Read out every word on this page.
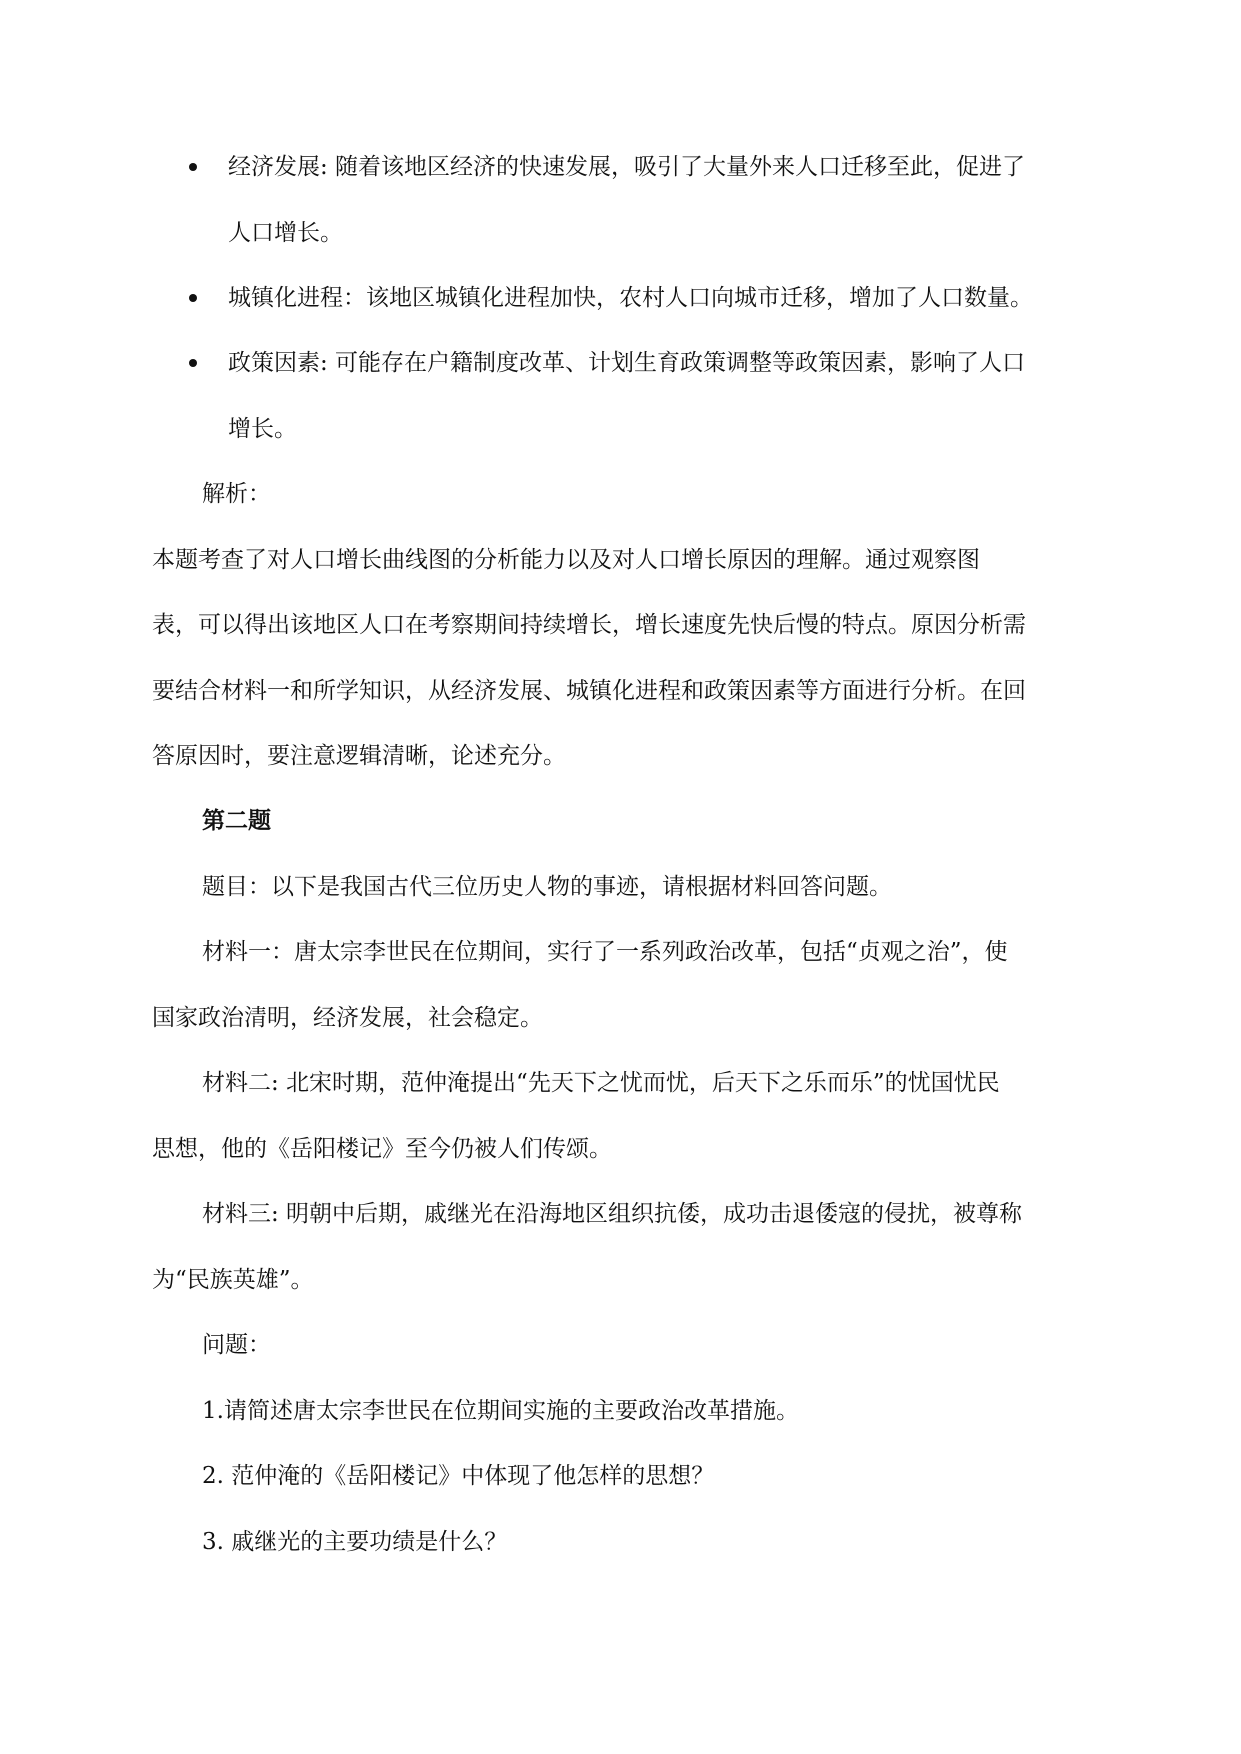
经济发展: 随着该地区经济的快速发展，吸引了大量外来人口迁移至此，促进了
人口增长。
城镇化进程：该地区城镇化进程加快，农村人口向城市迁移，增加了人口数量。
政策因素: 可能存在户籍制度改革、计划生育政策调整等政策因素，影响了人口
增长。
解析：
本题考查了对人口增长曲线图的分析能力以及对人口增长原因的理解。通过观察图
表，可以得出该地区人口在考察期间持续增长，增长速度先快后慢的特点。原因分析需
要结合材料一和所学知识，从经济发展、城镇化进程和政策因素等方面进行分析。在回
答原因时，要注意逻辑清晰，论述充分。
第二题
题目：以下是我国古代三位历史人物的事迹，请根据材料回答问题。
材料一：唐太宗李世民在位期间，实行了一系列政治改革，包括“贞观之治”，使
国家政治清明，经济发展，社会稳定。
材料二: 北宋时期，范仲淹提出“先天下之忧而忧，后天下之乐而乐”的忧国忧民
思想，他的《岳阳楼记》至今仍被人们传颂。
材料三: 明朝中后期，戚继光在沿海地区组织抗倭，成功击退倭寇的侵扰，被尊称
为“民族英雄”。
问题：
1.请简述唐太宗李世民在位期间实施的主要政治改革措施。
2. 范仲淹的《岳阳楼记》中体现了他怎样的思想？
3. 戚继光的主要功绩是什么？
